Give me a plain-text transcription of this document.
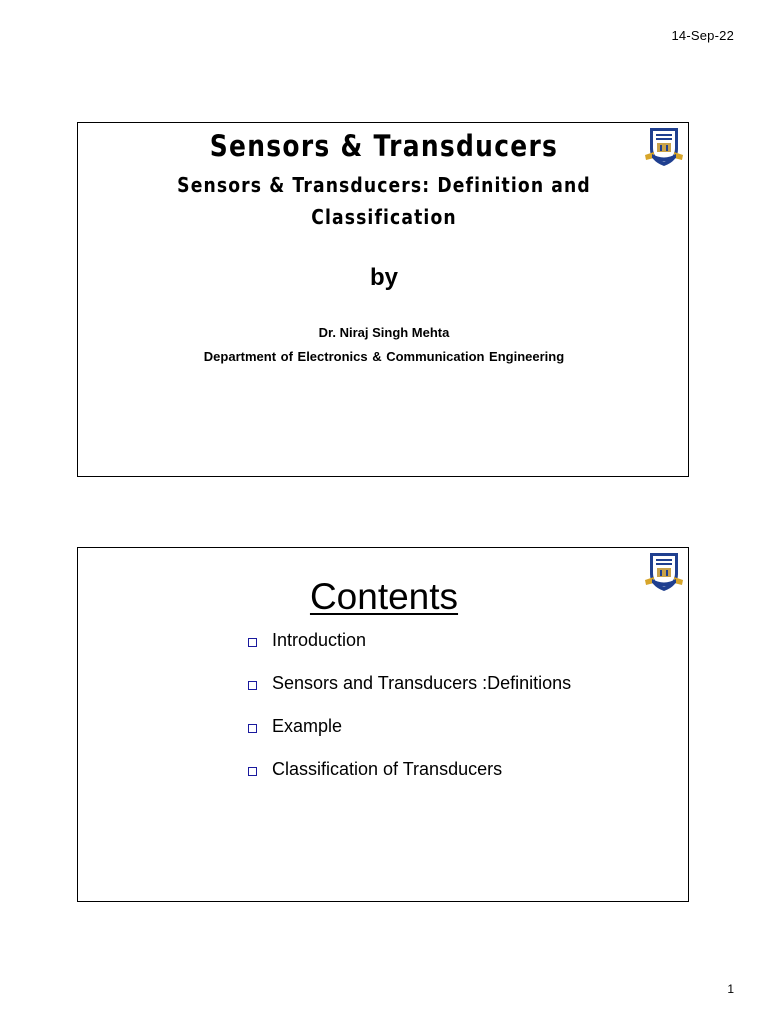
14-Sep-22
Sensors & Transducers
Sensors & Transducers: Definition and Classification
by
Dr. Niraj Singh Mehta
Department of Electronics & Communication Engineering
Contents
Introduction
Sensors and Transducers :Definitions
Example
Classification of Transducers
1
